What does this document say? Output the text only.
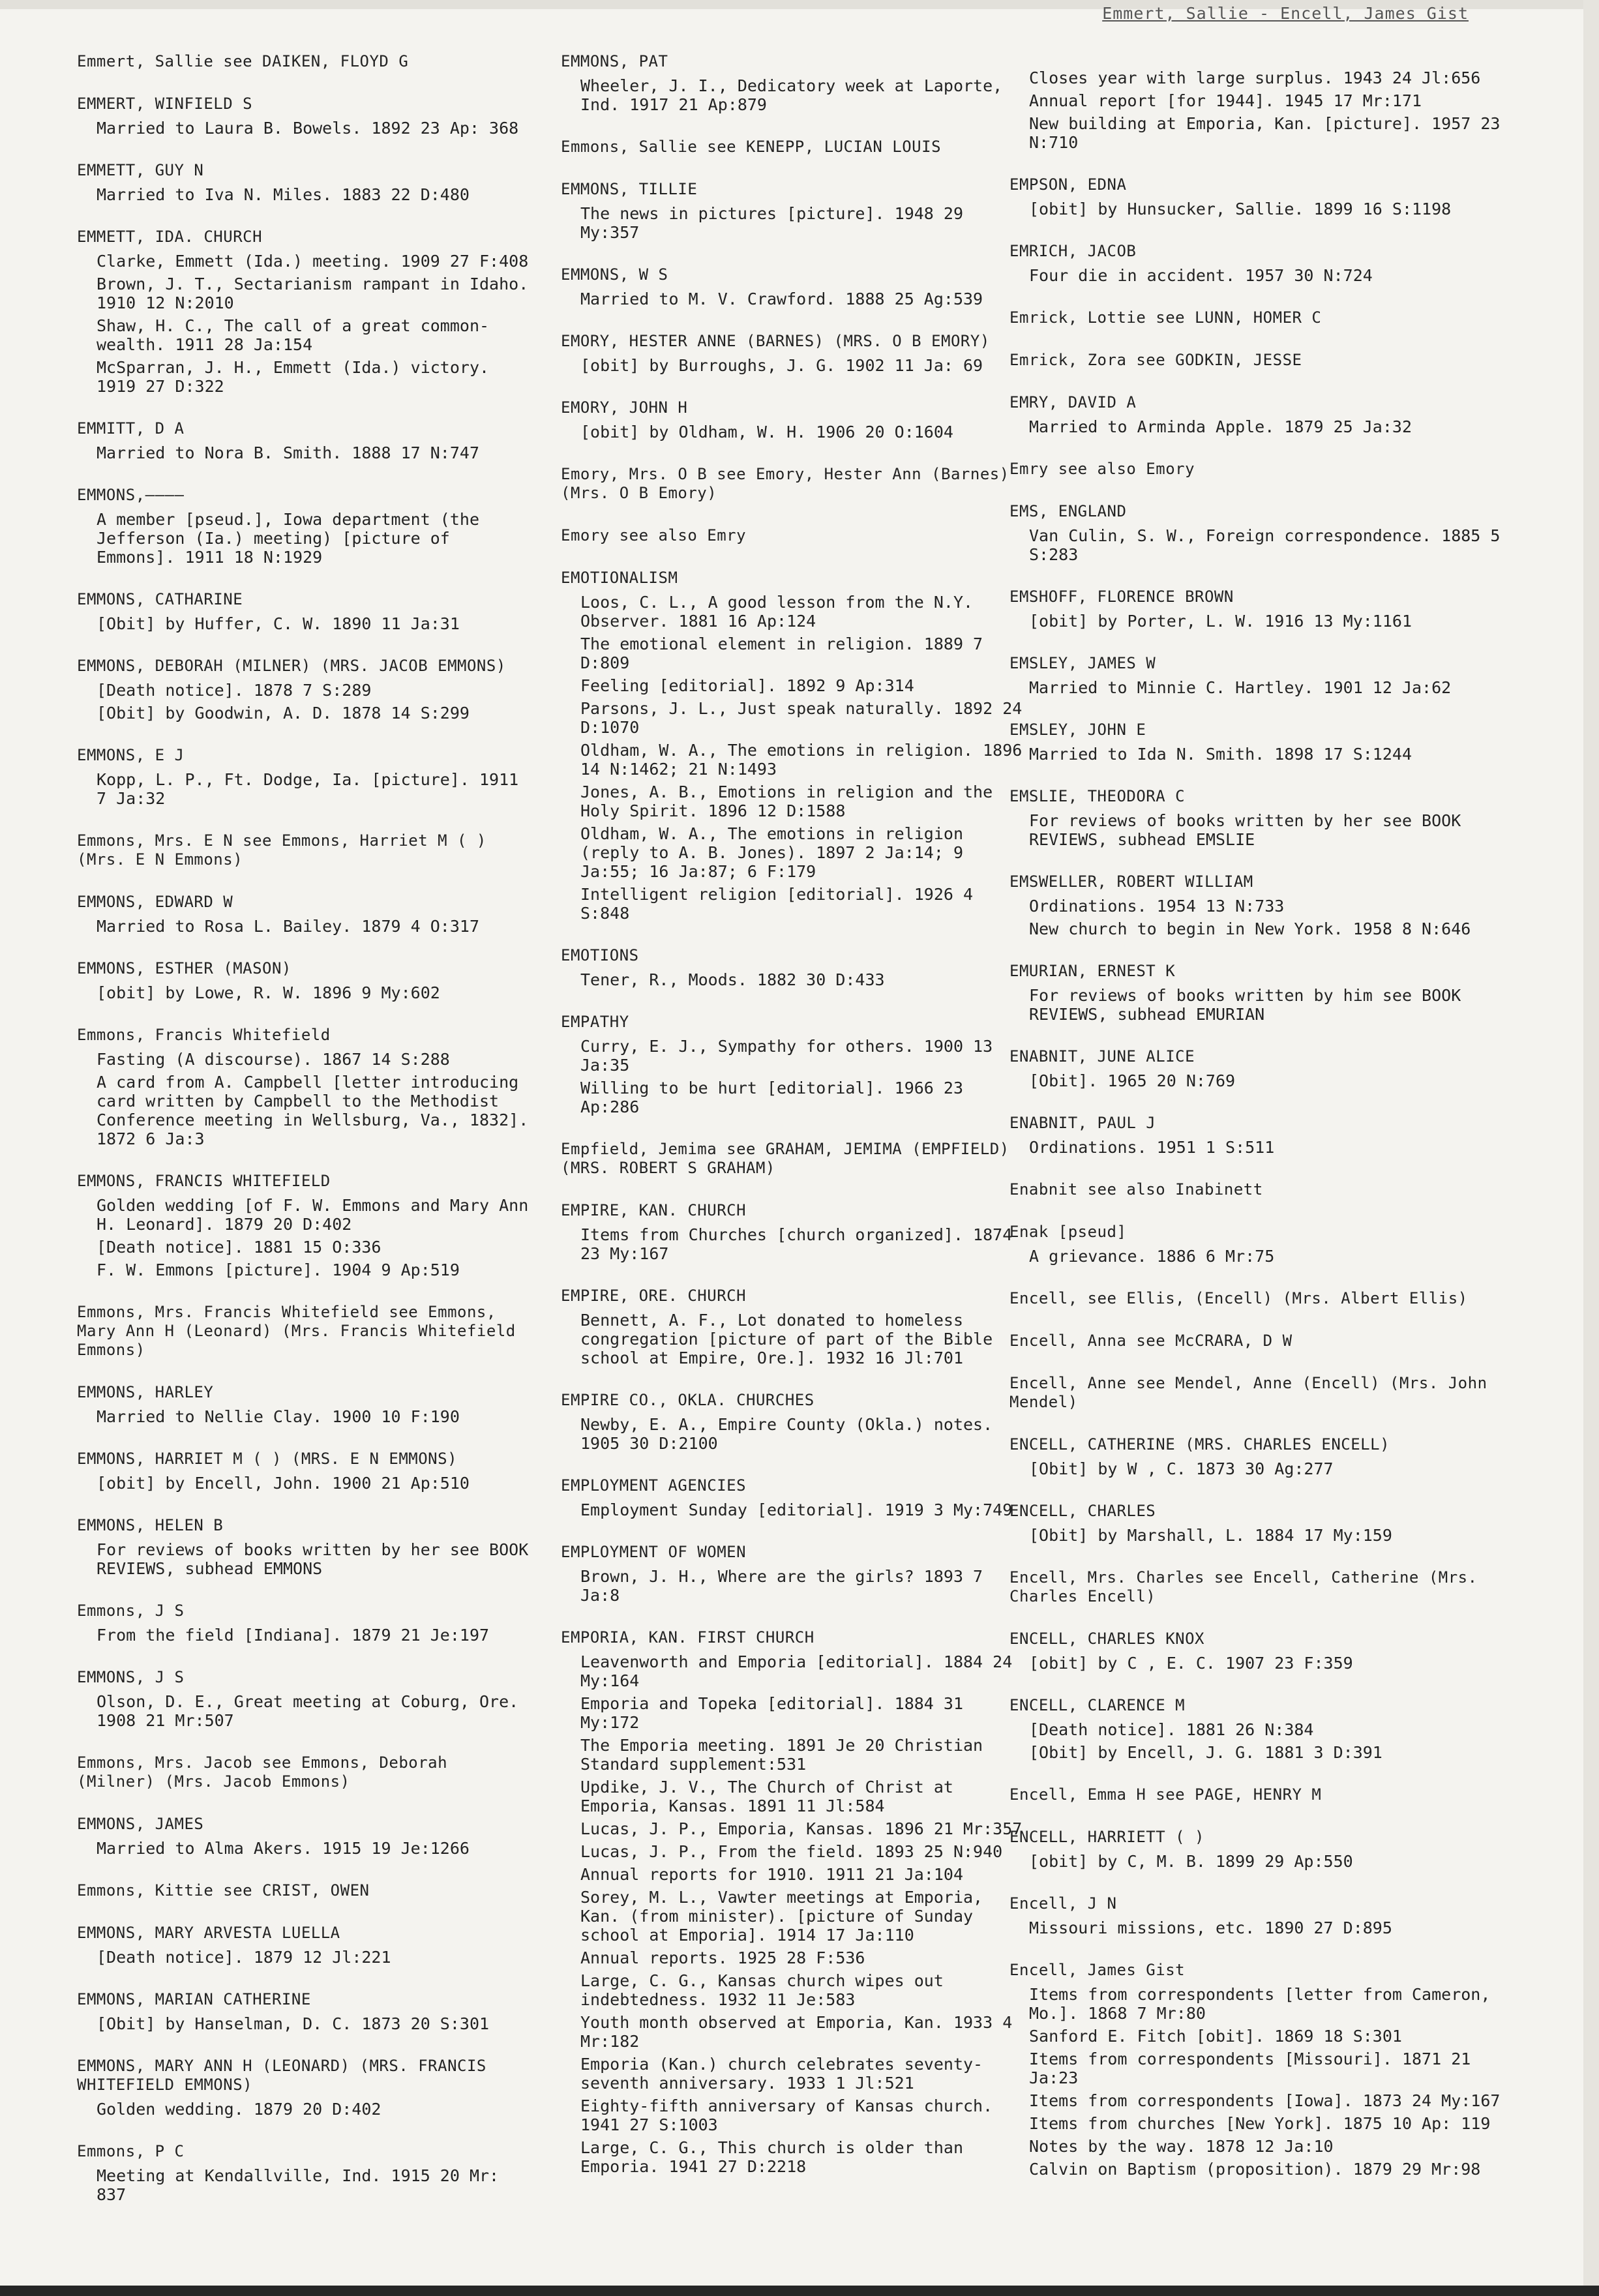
Emmert, Sallie - Encell, James Gist
Emmert, Sallie see DAIKEN, FLOYD G
EMMERT, WINFIELD S
Married to Laura B. Bowels. 1892 23 Ap: 368
EMMETT, GUY N
Married to Iva N. Miles. 1883 22 D:480
EMMETT, IDA. CHURCH
Clarke, Emmett (Ida.) meeting. 1909 27 F:408
Brown, J. T., Sectarianism rampant in Idaho. 1910 12 N:2010
Shaw, H. C., The call of a great common-wealth. 1911 28 Ja:154
McSparran, J. H., Emmett (Ida.) victory. 1919 27 D:322
EMMITT, D A
Married to Nora B. Smith. 1888 17 N:747
EMMONS,————
A member [pseud.], Iowa department (the Jefferson (Ia.) meeting) [picture of Emmons]. 1911 18 N:1929
EMMONS, CATHARINE
[Obit] by Huffer, C. W. 1890 11 Ja:31
EMMONS, DEBORAH (MILNER) (MRS. JACOB EMMONS)
[Death notice]. 1878 7 S:289
[Obit] by Goodwin, A. D. 1878 14 S:299
EMMONS, E J
Kopp, L. P., Ft. Dodge, Ia. [picture]. 1911 7 Ja:32
Emmons, Mrs. E N see Emmons, Harriet M ( ) (Mrs. E N Emmons)
EMMONS, EDWARD W
Married to Rosa L. Bailey. 1879 4 O:317
EMMONS, ESTHER (MASON)
[obit] by Lowe, R. W. 1896 9 My:602
Emmons, Francis Whitefield
Fasting (A discourse). 1867 14 S:288
A card from A. Campbell [letter introducing card written by Campbell to the Methodist Conference meeting in Wellsburg, Va., 1832]. 1872 6 Ja:3
EMMONS, FRANCIS WHITEFIELD
Golden wedding [of F. W. Emmons and Mary Ann H. Leonard]. 1879 20 D:402
[Death notice]. 1881 15 O:336
F. W. Emmons [picture]. 1904 9 Ap:519
Emmons, Mrs. Francis Whitefield see Emmons, Mary Ann H (Leonard) (Mrs. Francis Whitefield Emmons)
EMMONS, HARLEY
Married to Nellie Clay. 1900 10 F:190
EMMONS, HARRIET M ( ) (MRS. E N EMMONS)
[obit] by Encell, John. 1900 21 Ap:510
EMMONS, HELEN B
For reviews of books written by her see BOOK REVIEWS, subhead EMMONS
Emmons, J S
From the field [Indiana]. 1879 21 Je:197
EMMONS, J S
Olson, D. E., Great meeting at Coburg, Ore. 1908 21 Mr:507
Emmons, Mrs. Jacob see Emmons, Deborah (Milner) (Mrs. Jacob Emmons)
EMMONS, JAMES
Married to Alma Akers. 1915 19 Je:1266
Emmons, Kittie see CRIST, OWEN
EMMONS, MARY ARVESTA LUELLA
[Death notice]. 1879 12 Jl:221
EMMONS, MARIAN CATHERINE
[Obit] by Hanselman, D. C. 1873 20 S:301
EMMONS, MARY ANN H (LEONARD) (MRS. FRANCIS WHITEFIELD EMMONS)
Golden wedding. 1879 20 D:402
Emmons, P C
Meeting at Kendallville, Ind. 1915 20 Mr: 837
EMMONS, PAT
Wheeler, J. I., Dedicatory week at Laporte, Ind. 1917 21 Ap:879
Emmons, Sallie see KENEPP, LUCIAN LOUIS
EMMONS, TILLIE
The news in pictures [picture]. 1948 29 My:357
EMMONS, W S
Married to M. V. Crawford. 1888 25 Ag:539
EMORY, HESTER ANNE (BARNES) (MRS. O B EMORY)
[obit] by Burroughs, J. G. 1902 11 Ja: 69
EMORY, JOHN H
[obit] by Oldham, W. H. 1906 20 O:1604
Emory, Mrs. O B see Emory, Hester Ann (Barnes) (Mrs. O B Emory)
Emory see also Emry
EMOTIONALISM
Loos, C. L., A good lesson from the N.Y. Observer. 1881 16 Ap:124
The emotional element in religion. 1889 7 D:809
Feeling [editorial]. 1892 9 Ap:314
Parsons, J. L., Just speak naturally. 1892 24 D:1070
Oldham, W. A., The emotions in religion. 1896 14 N:1462; 21 N:1493
Jones, A. B., Emotions in religion and the Holy Spirit. 1896 12 D:1588
Oldham, W. A., The emotions in religion (reply to A. B. Jones). 1897 2 Ja:14; 9 Ja:55; 16 Ja:87; 6 F:179
Intelligent religion [editorial]. 1926 4 S:848
EMOTIONS
Tener, R., Moods. 1882 30 D:433
EMPATHY
Curry, E. J., Sympathy for others. 1900 13 Ja:35
Willing to be hurt [editorial]. 1966 23 Ap:286
Empfield, Jemima see GRAHAM, JEMIMA (EMPFIELD) (MRS. ROBERT S GRAHAM)
EMPIRE, KAN. CHURCH
Items from Churches [church organized]. 1874 23 My:167
EMPIRE, ORE. CHURCH
Bennett, A. F., Lot donated to homeless congregation [picture of part of the Bible school at Empire, Ore.]. 1932 16 Jl:701
EMPIRE CO., OKLA. CHURCHES
Newby, E. A., Empire County (Okla.) notes. 1905 30 D:2100
EMPLOYMENT AGENCIES
Employment Sunday [editorial]. 1919 3 My:749
EMPLOYMENT OF WOMEN
Brown, J. H., Where are the girls? 1893 7 Ja:8
EMPORIA, KAN. FIRST CHURCH
Leavenworth and Emporia [editorial]. 1884 24 My:164
Emporia and Topeka [editorial]. 1884 31 My:172
The Emporia meeting. 1891 Je 20 Christian Standard supplement:531
Updike, J. V., The Church of Christ at Emporia, Kansas. 1891 11 Jl:584
Lucas, J. P., Emporia, Kansas. 1896 21 Mr:357
Lucas, J. P., From the field. 1893 25 N:940
Annual reports for 1910. 1911 21 Ja:104
Sorey, M. L., Vawter meetings at Emporia, Kan. (from minister). [picture of Sunday school at Emporia]. 1914 17 Ja:110
Annual reports. 1925 28 F:536
Large, C. G., Kansas church wipes out indebtedness. 1932 11 Je:583
Youth month observed at Emporia, Kan. 1933 4 Mr:182
Emporia (Kan.) church celebrates seventy-seventh anniversary. 1933 1 Jl:521
Eighty-fifth anniversary of Kansas church. 1941 27 S:1003
Large, C. G., This church is older than Emporia. 1941 27 D:2218
Closes year with large surplus. 1943 24 Jl:656
Annual report [for 1944]. 1945 17 Mr:171
New building at Emporia, Kan. [picture]. 1957 23 N:710
EMPSON, EDNA
[obit] by Hunsucker, Sallie. 1899 16 S:1198
EMRICH, JACOB
Four die in accident. 1957 30 N:724
Emrick, Lottie see LUNN, HOMER C
Emrick, Zora see GODKIN, JESSE
EMRY, DAVID A
Married to Arminda Apple. 1879 25 Ja:32
Emry see also Emory
EMS, ENGLAND
Van Culin, S. W., Foreign correspondence. 1885 5 S:283
EMSHOFF, FLORENCE BROWN
[obit] by Porter, L. W. 1916 13 My:1161
EMSLEY, JAMES W
Married to Minnie C. Hartley. 1901 12 Ja:62
EMSLEY, JOHN E
Married to Ida N. Smith. 1898 17 S:1244
EMSLIE, THEODORA C
For reviews of books written by her see BOOK REVIEWS, subhead EMSLIE
EMSWELLER, ROBERT WILLIAM
Ordinations. 1954 13 N:733
New church to begin in New York. 1958 8 N:646
EMURIAN, ERNEST K
For reviews of books written by him see BOOK REVIEWS, subhead EMURIAN
ENABNIT, JUNE ALICE
[Obit]. 1965 20 N:769
ENABNIT, PAUL J
Ordinations. 1951 1 S:511
Enabnit see also Inabinett
Enak [pseud]
A grievance. 1886 6 Mr:75
Encell, see Ellis, (Encell) (Mrs. Albert Ellis)
Encell, Anna see McCRARA, D W
Encell, Anne see Mendel, Anne (Encell) (Mrs. John Mendel)
ENCELL, CATHERINE (MRS. CHARLES ENCELL)
[Obit] by W , C. 1873 30 Ag:277
ENCELL, CHARLES
[Obit] by Marshall, L. 1884 17 My:159
Encell, Mrs. Charles see Encell, Catherine (Mrs. Charles Encell)
ENCELL, CHARLES KNOX
[obit] by C , E. C. 1907 23 F:359
ENCELL, CLARENCE M
[Death notice]. 1881 26 N:384
[Obit] by Encell, J. G. 1881 3 D:391
Encell, Emma H see PAGE, HENRY M
ENCELL, HARRIETT ( )
[obit] by C, M. B. 1899 29 Ap:550
Encell, J N
Missouri missions, etc. 1890 27 D:895
Encell, James Gist
Items from correspondents [letter from Cameron, Mo.]. 1868 7 Mr:80
Sanford E. Fitch [obit]. 1869 18 S:301
Items from correspondents [Missouri]. 1871 21 Ja:23
Items from correspondents [Iowa]. 1873 24 My:167
Items from churches [New York]. 1875 10 Ap: 119
Notes by the way. 1878 12 Ja:10
Calvin on Baptism (proposition). 1879 29 Mr:98
